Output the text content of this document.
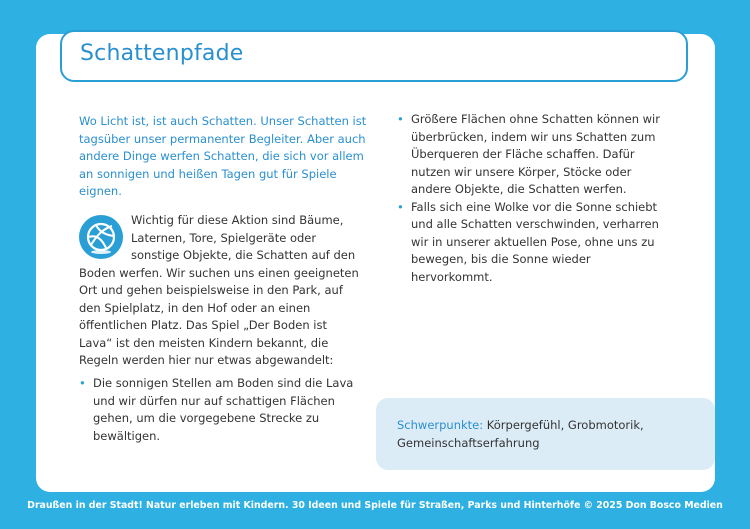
Schattenpfade
Wo Licht ist, ist auch Schatten. Unser Schatten ist tagsüber unser permanenter Begleiter. Aber auch andere Dinge werfen Schatten, die sich vor allem an sonnigen und heißen Tagen gut für Spiele eignen.
Wichtig für diese Aktion sind Bäume, Laternen, Tore, Spielgeräte oder sonstige Objekte, die Schatten auf den Boden werfen. Wir suchen uns einen geeigneten Ort und gehen beispielsweise in den Park, auf den Spielplatz, in den Hof oder an einen öffentlichen Platz. Das Spiel „Der Boden ist Lava“ ist den meisten Kindern bekannt, die Regeln werden hier nur etwas abgewandelt:
• Die sonnigen Stellen am Boden sind die Lava und wir dürfen nur auf schattigen Flächen gehen, um die vorgegebene Strecke zu bewältigen.
• Größere Flächen ohne Schatten können wir überbrücken, indem wir uns Schatten zum Überqueren der Fläche schaffen. Dafür nutzen wir unsere Körper, Stöcke oder andere Objekte, die Schatten werfen.
• Falls sich eine Wolke vor die Sonne schiebt und alle Schatten verschwinden, verharren wir in unserer aktuellen Pose, ohne uns zu bewegen, bis die Sonne wieder hervorkommt.
Schwerpunkte: Körpergefühl, Grobmotorik, Gemeinschaftserfahrung
Draußen in der Stadt! Natur erleben mit Kindern. 30 Ideen und Spiele für Straßen, Parks und Hinterhöfe © 2025 Don Bosco Medien
